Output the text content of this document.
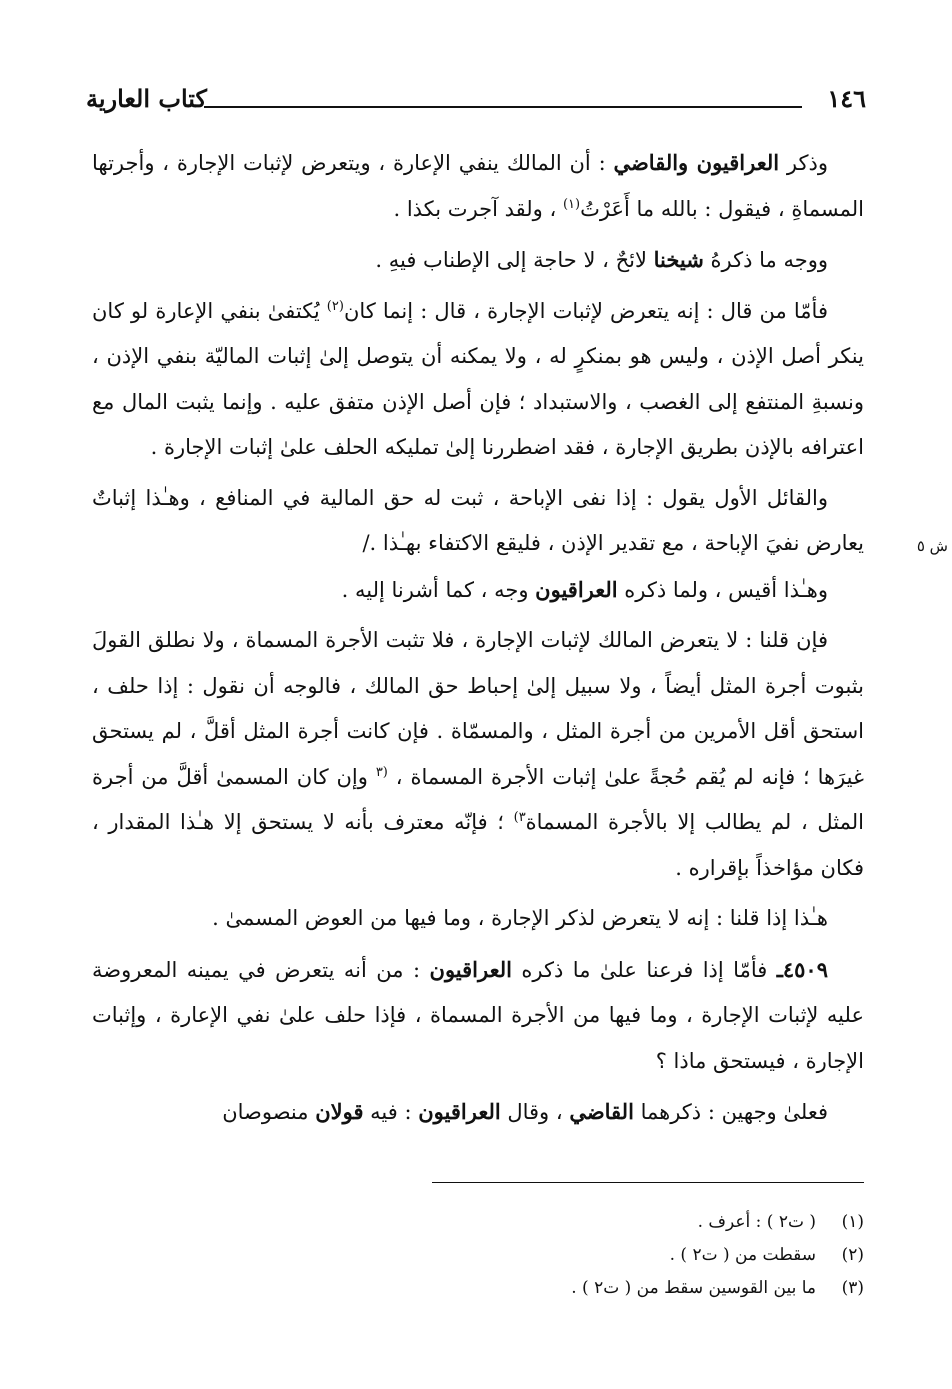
١٤٦
كتاب العارية

وذكر العراقيون والقاضي : أن المالك ينفي الإعارة ، ويتعرض لإثبات الإجارة ، وأجرتها المسماةِ ، فيقول : بالله ما أَعَرْتُ$^{(١)}$ ، ولقد آجرت بكذا .

ووجه ما ذكرهُ شيخنا لائحٌ ، لا حاجة إلى الإطناب فيهِ .

فأمّا من قال : إنه يتعرض لإثبات الإجارة ، قال : إنما كان$^{(٢)}$ يُكتفىٰ بنفي الإعارة لو كان ينكر أصل الإذن ، وليس هو بمنكرٍ له ، ولا يمكنه أن يتوصل إلىٰ إثبات الماليّة بنفي الإذن ، ونسبةِ المنتفع إلى الغصب ، والاستبداد ؛ فإن أصل الإذن متفق عليه . وإنما يثبت المال مع اعترافه بالإذن بطريق الإجارة ، فقد اضطررنا إلىٰ تمليكه الحلف علىٰ إثبات الإجارة .

ش ٥
والقائل الأول يقول : إذا نفى الإباحة ، ثبت له حق المالية في المنافع ، وهـٰذا إثباتٌ يعارض نفيَ الإباحة ، مع تقدير الإذن ، فليقع الاكتفاء بهـٰذا ./

وهـٰذا أقيس ، ولما ذكره العراقيون وجه ، كما أشرنا إليه .

فإن قلنا : لا يتعرض المالك لإثبات الإجارة ، فلا تثبت الأجرة المسماة ، ولا نطلق القولَ بثبوت أجرة المثل أيضاً ، ولا سبيل إلىٰ إحباط حق المالك ، فالوجه أن نقول : إذا حلف ، استحق أقل الأمرين من أجرة المثل ، والمسمّاة . فإن كانت أجرة المثل أقلَّ ، لم يستحق غيرَها ؛ فإنه لم يُقم حُجةً علىٰ إثبات الأجرة المسماة ، $^{(٣}$ وإن كان المسمىٰ أقلَّ من أجرة المثل ، لم يطالب إلا بالأجرة المسماة$^{٣)}$ ؛ فإنّه معترف بأنه لا يستحق إلا هـٰذا المقدار ، فكان مؤاخذاً بإقراره .

هـٰذا إذا قلنا : إنه لا يتعرض لذكر الإجارة ، وما فيها من العوض المسمىٰ .

٤٥٠٩ـ فأمّا إذا فرعنا علىٰ ما ذكره العراقيون : من أنه يتعرض في يمينه المعروضة عليه لإثبات الإجارة ، وما فيها من الأجرة المسماة ، فإذا حلف علىٰ نفي الإعارة ، وإثبات الإجارة ، فيستحق ماذا ؟

فعلىٰ وجهين : ذكرهما القاضي ، وقال العراقيون : فيه قولان منصوصان

(١)( ت٢ ) : أعرف .
(٢)سقطت من ( ت٢ ) .
(٣)ما بين القوسين سقط من ( ت٢ ) .
